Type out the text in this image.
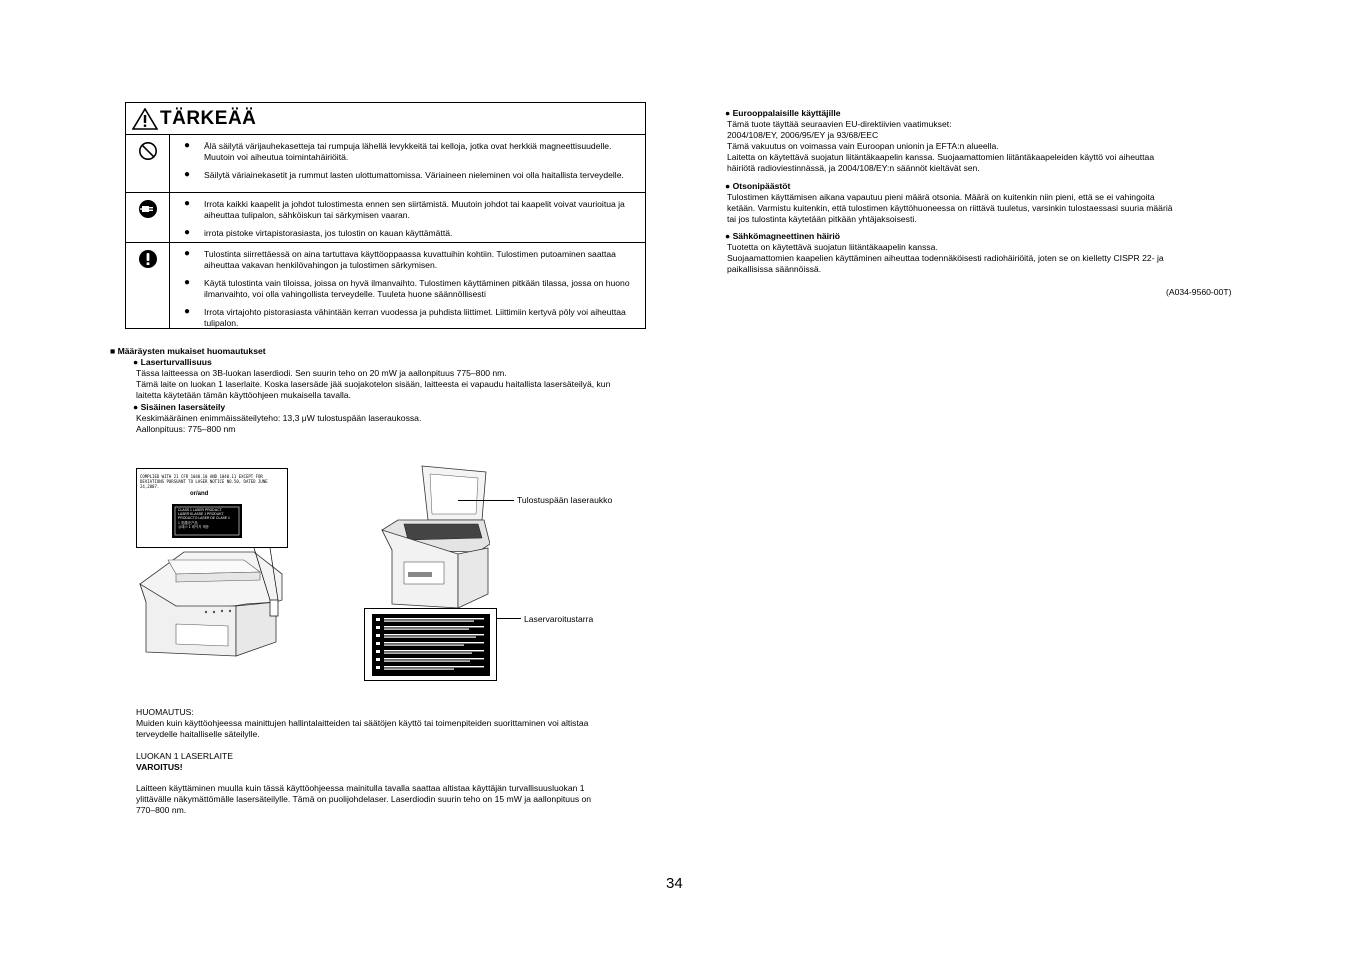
TÄRKEÄÄ
●	Älä säilytä värijauhekasetteja tai rumpuja lähellä levykkeitä tai kelloja, jotka ovat herkkiä magneettisuudelle. Muutoin voi aiheutua toimintahäiriöitä.
●	Säilytä väriainekasetit ja rummut lasten ulottumattomissa. Väriaineen nieleminen voi olla haitallista terveydelle.
●	Irrota kaikki kaapelit ja johdot tulostimesta ennen sen siirtämistä. Muutoin johdot tai kaapelit voivat vaurioitua ja aiheuttaa tulipalon, sähköiskun tai särkymisen vaaran.
●	irrota pistoke virtapistorasiasta, jos tulostin on kauan käyttämättä.
●	Tulostinta siirrettäessä on aina tartuttava käyttöoppaassa kuvattuihin kohtiin. Tulostimen putoaminen saattaa aiheuttaa vakavan henkilövahingon ja tulostimen särkymisen.
●	Käytä tulostinta vain tiloissa, joissa on hyvä ilmanvaihto. Tulostimen käyttäminen pitkään tilassa, jossa on huono ilmanvaihto, voi olla vahingollista terveydelle. Tuuleta huone säännöllisesti
●	Irrota virtajohto pistorasiasta vähintään kerran vuodessa ja puhdista liittimet. Liittimiin kertyvä pöly voi aiheuttaa tulipalon.
■ Määräysten mukaiset huomautukset
● Laserturvallisuus
Tässa laitteessa on 3B-luokan laserdiodi. Sen suurin teho on 20 mW ja aallonpituus 775–800 nm.
Tämä laite on luokan 1 laserlaite. Koska lasersäde jää suojakotelon sisään, laitteesta ei vapaudu haitallista lasersäteilyä, kun
laitetta käytetään tämän käyttöohjeen mukaisella tavalla.
● Sisäinen lasersäteily
Keskimääräinen enimmäissäteilyteho: 13,3 μW tulostuspään laseraukossa.
Aallonpituus: 775–800 nm
COMPLIED WITH 21 CFR 1040.10 AND 1040.11 EXCEPT FOR DEVIATIONS PURSUANT TO LASER NOTICE NO.50, DATED JUNE 24,2007.
or/and
CLASS 1 LASER PRODUCT
LASER KLASSE 1 PRODUKT
PRODUCTO LASER DE CLASE 1
1 类激光产品
클래스 1 레이저 제품
Tulostuspään laseraukko
Laservaroitustarra
HUOMAUTUS:
Muiden kuin käyttöohjeessa mainittujen hallintalaitteiden tai säätöjen käyttö tai toimenpiteiden suorittaminen voi altistaa
terveydelle haitalliselle säteilylle.
LUOKAN 1 LASERLAITE
VAROITUS!
Laitteen käyttäminen muulla kuin tässä käyttöohjeessa mainitulla tavalla saattaa altistaa käyttäjän turvallisuusluokan 1
ylittävälle näkymättömälle lasersäteilylle. Tämä on puolijohdelaser. Laserdiodin suurin teho on 15 mW ja aallonpituus on
770–800 nm.
● Eurooppalaisille käyttäjille
Tämä tuote täyttää seuraavien EU-direktiivien vaatimukset:
2004/108/EY, 2006/95/EY ja 93/68/EEC
Tämä vakuutus on voimassa vain Euroopan unionin ja EFTA:n alueella.
Laitetta on käytettävä suojatun liitäntäkaapelin kanssa. Suojaamattomien liitäntäkaapeleiden käyttö voi aiheuttaa
häiriötä radioviestinnässä, ja 2004/108/EY:n säännöt kieltävät sen.
● Otsonipäästöt
Tulostimen käyttämisen aikana vapautuu pieni määrä otsonia. Määrä on kuitenkin niin pieni, että se ei vahingoita
ketään. Varmistu kuitenkin, että tulostimen käyttöhuoneessa on riittävä tuuletus, varsinkin tulostaessasi suuria määriä
tai jos tulostinta käytetään pitkään yhtäjaksoisesti.
● Sähkömagneettinen häiriö
Tuotetta on käytettävä suojatun liitäntäkaapelin kanssa.
Suojaamattomien kaapelien käyttäminen aiheuttaa todennäköisesti radiohäiriöitä, joten se on kielletty CISPR 22- ja
paikallisissa säännöissä.
(A034-9560-00T)
34
